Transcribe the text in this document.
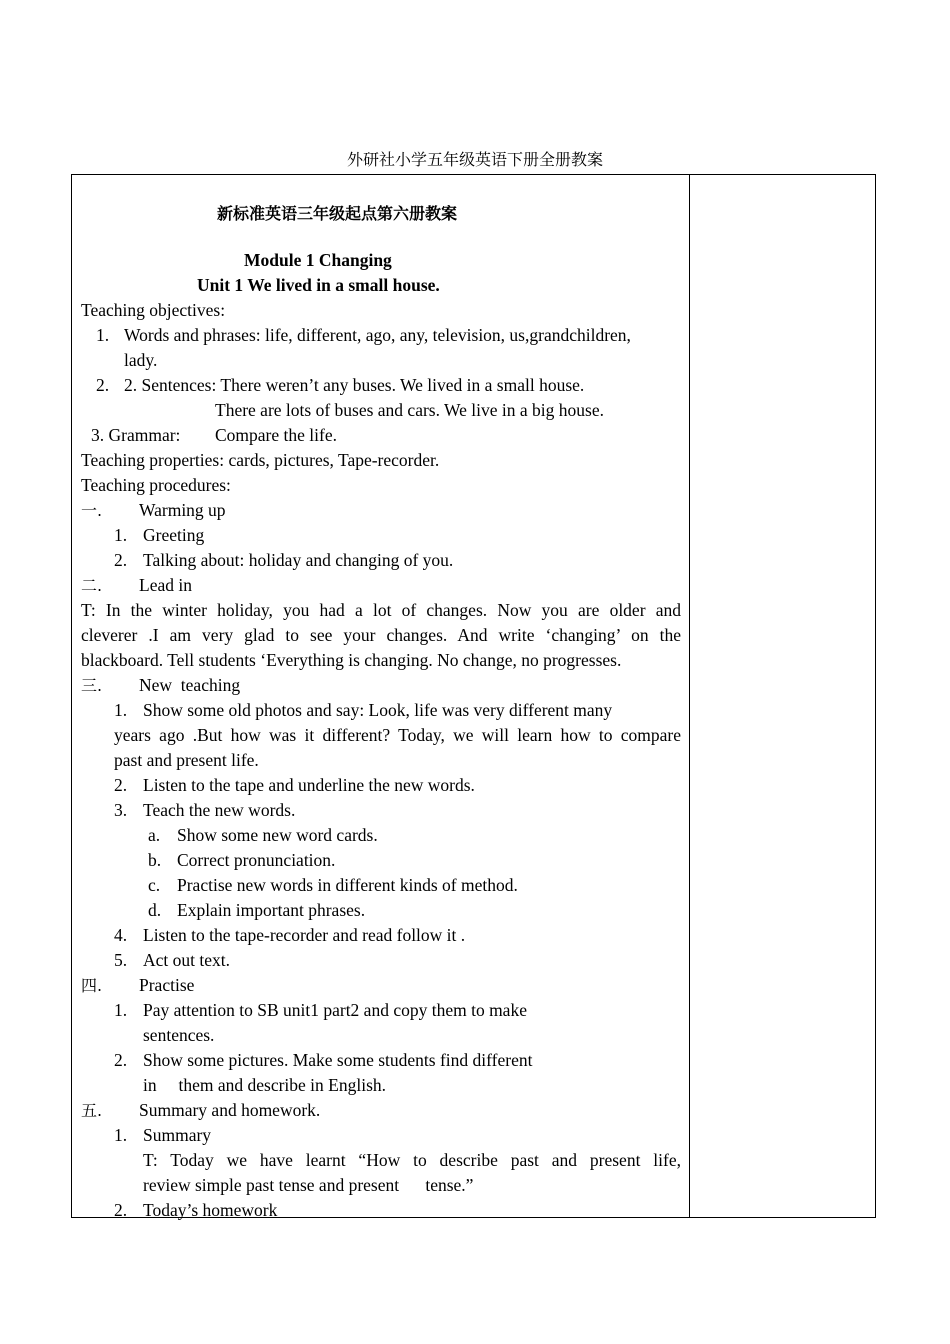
外研社小学五年级英语下册全册教案
新标准英语三年级起点第六册教案
Module 1 Changing
Unit 1 We lived in a small house.
Teaching objectives:
1. Words and phrases: life, different, ago, any, television, us,grandchildren,
lady.
2. 2. Sentences: There weren’t any buses. We lived in a small house.
There are lots of buses and cars. We live in a big house.
3. Grammar: Compare the life.
Teaching properties: cards, pictures, Tape-recorder.
Teaching procedures:
一. Warming up
1. Greeting
2. Talking about: holiday and changing of you.
二. Lead in
T: In the winter holiday, you had a lot of changes. Now you are older and
cleverer .I am very glad to see your changes. And write ‘changing’ on the
blackboard. Tell students ‘Everything is changing. No change, no progresses.
三. New  teaching
1. Show some old photos and say: Look, life was very different many
years ago .But how was it different? Today, we will learn how to compare
past and present life.
2. Listen to the tape and underline the new words.
3. Teach the new words.
a. Show some new word cards.
b. Correct pronunciation.
c. Practise new words in different kinds of method.
d. Explain important phrases.
4. Listen to the tape-recorder and read follow it .
5. Act out text.
四. Practise
1. Pay attention to SB unit1 part2 and copy them to make
sentences.
2. Show some pictures. Make some students find different
in     them and describe in English.
五. Summary and homework.
1. Summary
T: Today we have learnt “How to describe past and present life,
review simple past tense and present      tense.”
2. Today’s homework
